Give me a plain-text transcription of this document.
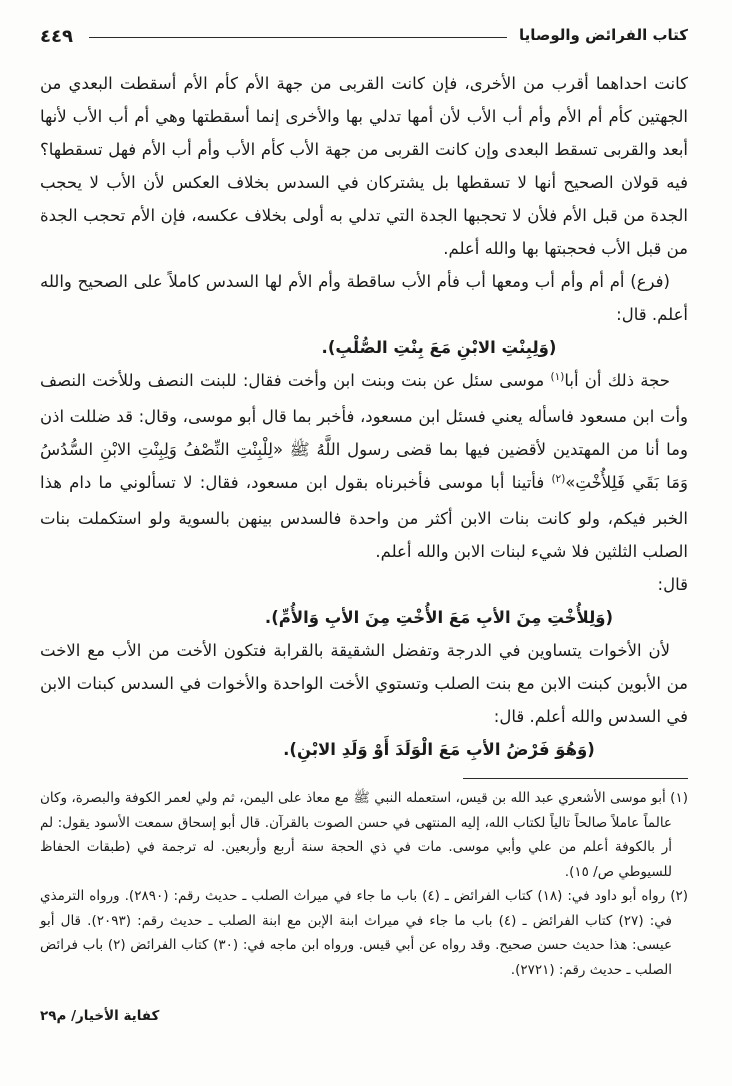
كتاب الفرائض والوصايا
٤٤٩

كانت احداهما أقرب من الأخرى، فإن كانت القربى من جهة الأم كأم الأم أسقطت البعدي من الجهتين كأم أم الأم وأم أب الأب لأن أمها تدلي بها والأخرى إنما أسقطتها وهي أم أب الأب لأنها أبعد والقربى تسقط البعدى وإن كانت القربى من جهة الأب كأم الأب وأم أب الأم فهل تسقطها؟ فيه قولان الصحيح أنها لا تسقطها بل يشتركان في السدس بخلاف العكس لأن الأب لا يحجب الجدة من قبل الأم فلأن لا تحجبها الجدة التي تدلي به أولى بخلاف عكسه، فإن الأم تحجب الجدة من قبل الأب فحجبتها بها والله أعلم.

(فرع) أم أم وأم أب ومعها أب فأم الأب ساقطة وأم الأم لها السدس كاملاً على الصحيح والله أعلم. قال:

(وَلِبِنْتِ الابْنِ مَعَ بِنْتِ الصُّلْبِ).

حجة ذلك أن أبا$^{(١)}$ موسى سئل عن بنت وبنت ابن وأخت فقال: للبنت النصف وللأخت النصف وأت ابن مسعود فاسأله يعني فسئل ابن مسعود، فأخبر بما قال أبو موسى، وقال: قد ضللت اذن وما أنا من المهتدين لأقضين فيها بما قضى رسول اللَّهُ ﷺ «لِلْبِنْتِ النِّصْفُ وَلِبِنْتِ الابْنِ السُّدُسُ وَمَا بَقَي فَلِلأُخْتِ»$^{(٢)}$ فأتينا أبا موسى فأخبرناه بقول ابن مسعود، فقال: لا تسألوني ما دام هذا الخبر فيكم، ولو كانت بنات الابن أكثر من واحدة فالسدس بينهن بالسوية ولو استكملت بنات الصلب الثلثين فلا شيء لبنات الابن والله أعلم.

قال:

(وَلِلأُخْتِ مِنَ الأبِ مَعَ الأُخْتِ مِنَ الأبِ وَالأُمِّ).

لأن الأخوات يتساوين في الدرجة وتفضل الشقيقة بالقرابة فتكون الأخت من الأب مع الاخت من الأبوين كبنت الابن مع بنت الصلب وتستوي الأخت الواحدة والأخوات في السدس كبنات الابن في السدس والله أعلم. قال:

(وَهُوَ فَرْضُ الأبِ مَعَ الْوَلَدَ أَوْ وَلَدِ الابْنِ).

(١) أبو موسى الأشعري عبد الله بن قيس، استعمله النبي ﷺ مع معاذ على اليمن، ثم ولي لعمر الكوفة والبصرة، وكان عالماً عاملاً صالحاً تالياً لكتاب الله، إليه المنتهى في حسن الصوت بالقرآن. قال أبو إسحاق سمعت الأسود يقول: لم أر بالكوفة أعلم من علي وأبي موسى. مات في ذي الحجة سنة أربع وأربعين. له ترجمة في (طبقات الحفاظ للسيوطي ص/ ١٥).

(٢) رواه أبو داود في: (١٨) كتاب الفرائض ـ (٤) باب ما جاء في ميراث الصلب ـ حديث رقم: (٢٨٩٠). ورواه الترمذي في: (٢٧) كتاب الفرائض ـ (٤) باب ما جاء في ميراث ابنة الإبن مع ابنة الصلب ـ حديث رقم: (٢٠٩٣). قال أبو عيسى: هذا حديث حسن صحيح. وقد رواه عن أبي قيس. ورواه ابن ماجه في: (٣٠) كتاب الفرائض (٢) باب فرائض الصلب ـ حديث رقم: (٢٧٢١).

كفاية الأخيار/ م٢٩
